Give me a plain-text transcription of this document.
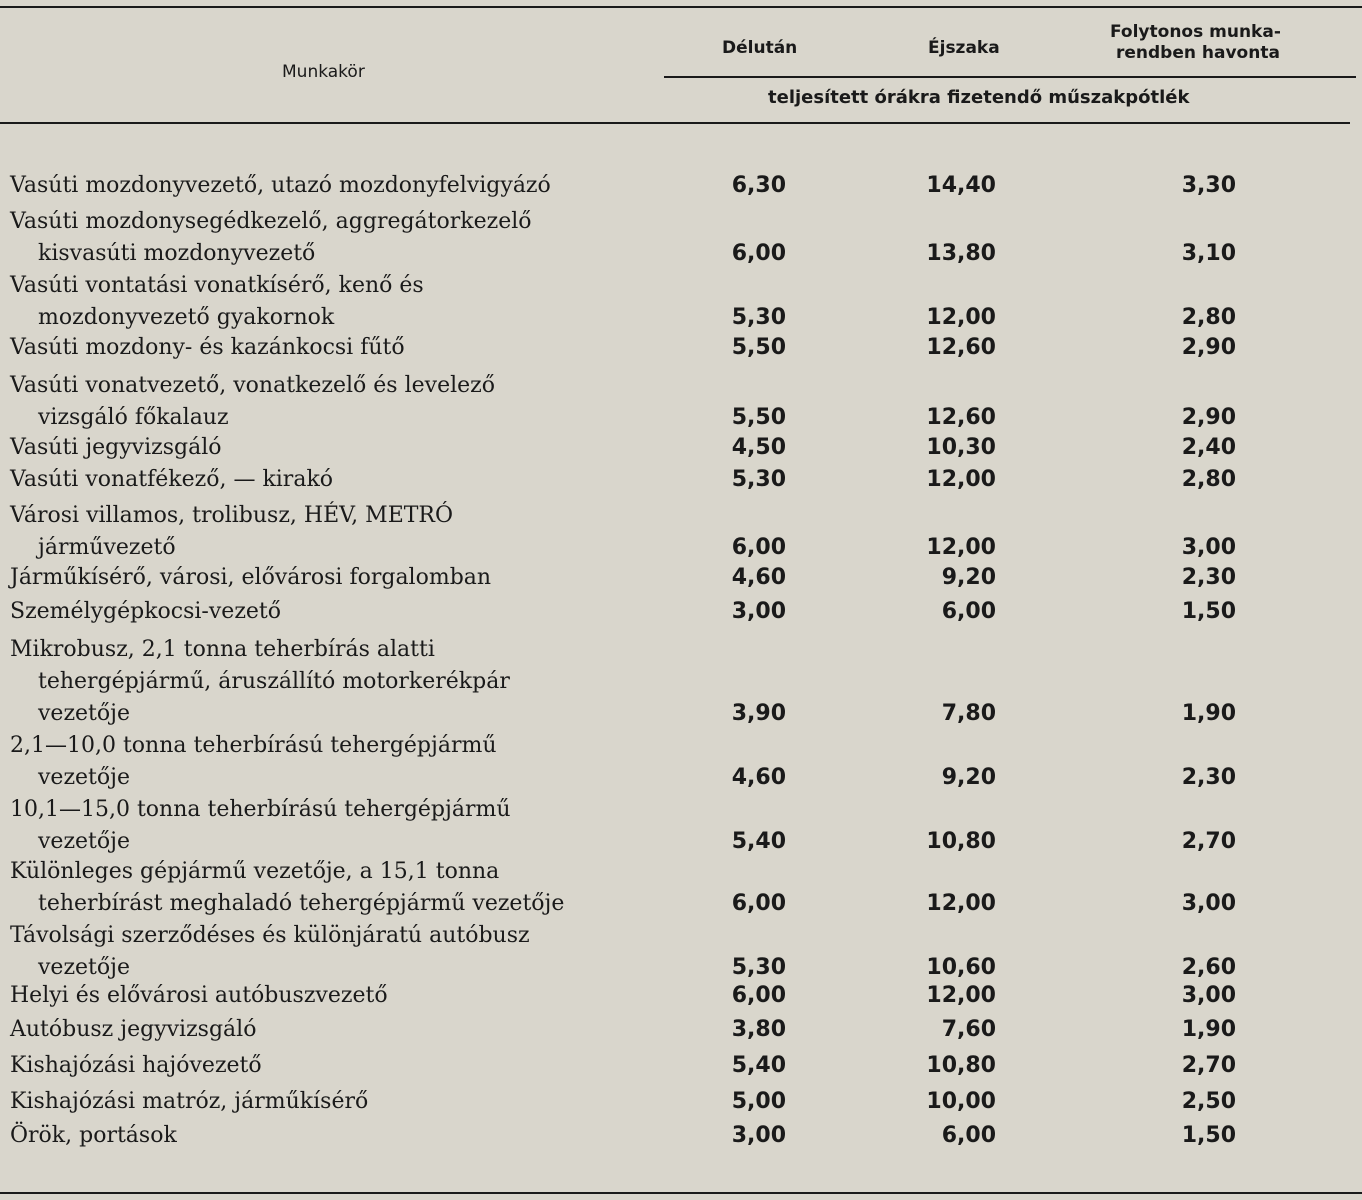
Munkakör
Délután	Éjszaka
Folytonos munka-
rendben havonta
teljesített órákra fizetendő műszakpótlék
Vasúti mozdonyvezető, utazó mozdonyfelvigyázó	6,30	14,40	3,30
Vasúti mozdonysegédkezelő, aggregátorkezelő
kisvasúti mozdonyvezető	6,00	13,80	3,10
Vasúti vontatási vonatkísérő, kenő és
mozdonyvezető gyakornok	5,30	12,00	2,80
Vasúti mozdony- és kazánkocsi fűtő	5,50	12,60	2,90
Vasúti vonatvezető, vonatkezelő és levelező
vizsgáló főkalauz	5,50	12,60	2,90
Vasúti jegyvizsgáló	4,50	10,30	2,40
Vasúti vonatfékező, — kirakó	5,30	12,00	2,80
Városi villamos, trolibusz, HÉV, METRÓ
járművezető	6,00	12,00	3,00
Járműkísérő, városi, elővárosi forgalomban	4,60	9,20	2,30
Személygépkocsi-vezető	3,00	6,00	1,50
Mikrobusz, 2,1 tonna teherbírás alatti
tehergépjármű, áruszállító motorkerékpár
vezetője	3,90	7,80	1,90
2,1—10,0 tonna teherbírású tehergépjármű
vezetője	4,60	9,20	2,30
10,1—15,0 tonna teherbírású tehergépjármű
vezetője	5,40	10,80	2,70
Különleges gépjármű vezetője, a 15,1 tonna
teherbírást meghaladó tehergépjármű vezetője	6,00	12,00	3,00
Távolsági szerződéses és különjáratú autóbusz
vezetője	5,30	10,60	2,60
Helyi és elővárosi autóbuszvezető	6,00	12,00	3,00
Autóbusz jegyvizsgáló	3,80	7,60	1,90
Kishajózási hajóvezető	5,40	10,80	2,70
Kishajózási matróz, járműkísérő	5,00	10,00	2,50
Örök, portások	3,00	6,00	1,50
